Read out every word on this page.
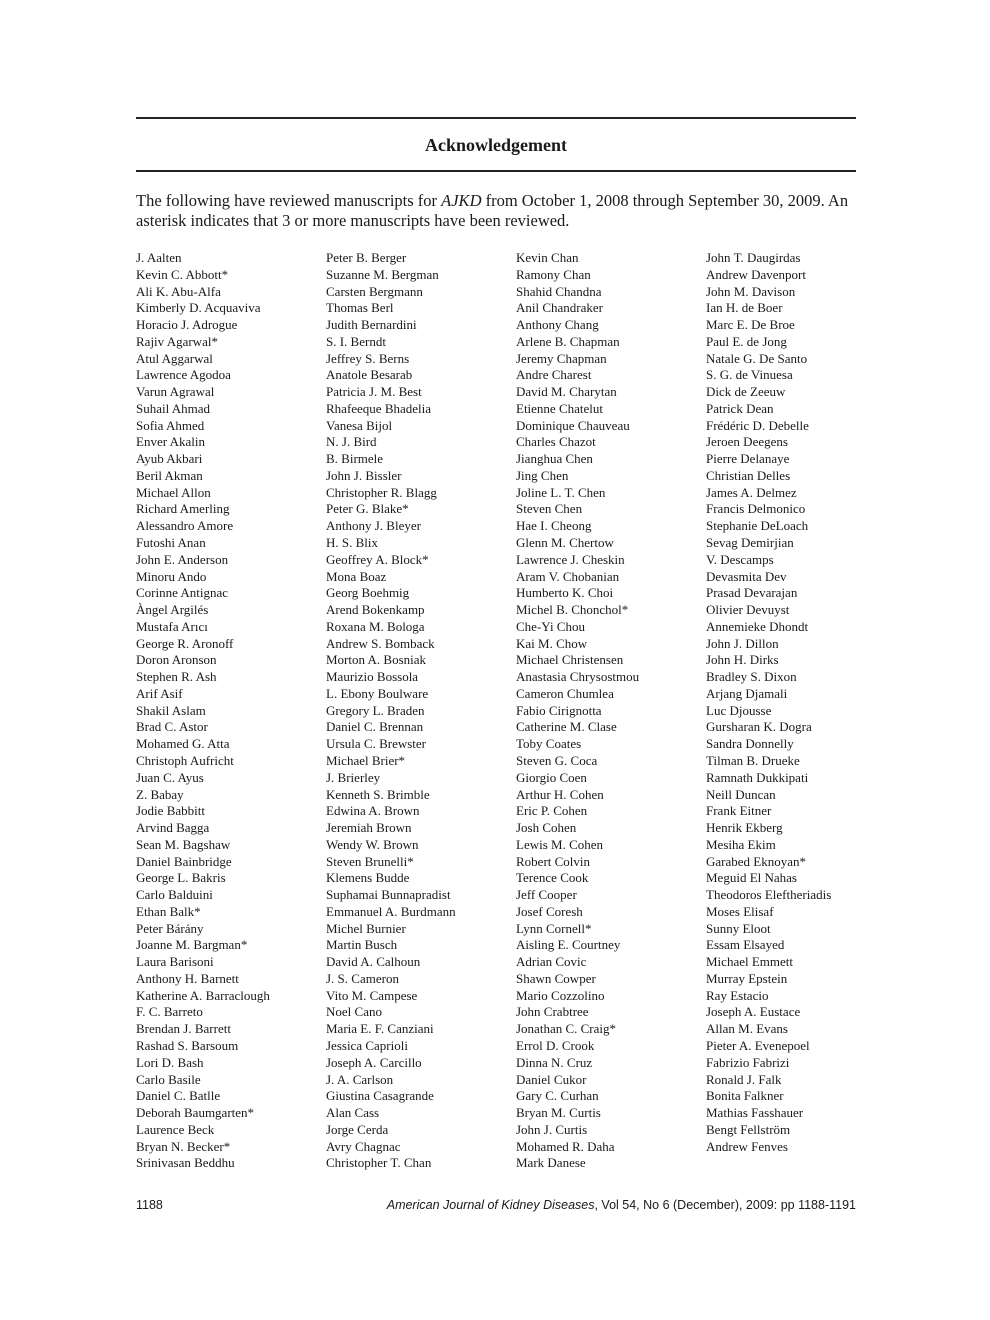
Acknowledgement
The following have reviewed manuscripts for AJKD from October 1, 2008 through September 30, 2009. An asterisk indicates that 3 or more manuscripts have been reviewed.
J. Aalten
Kevin C. Abbott*
Ali K. Abu-Alfa
Kimberly D. Acquaviva
Horacio J. Adrogue
Rajiv Agarwal*
Atul Aggarwal
Lawrence Agodoa
Varun Agrawal
Suhail Ahmad
Sofia Ahmed
Enver Akalin
Ayub Akbari
Beril Akman
Michael Allon
Richard Amerling
Alessandro Amore
Futoshi Anan
John E. Anderson
Minoru Ando
Corinne Antignac
Àngel Argilés
Mustafa Arıcı
George R. Aronoff
Doron Aronson
Stephen R. Ash
Arif Asif
Shakil Aslam
Brad C. Astor
Mohamed G. Atta
Christoph Aufricht
Juan C. Ayus
Z. Babay
Jodie Babbitt
Arvind Bagga
Sean M. Bagshaw
Daniel Bainbridge
George L. Bakris
Carlo Balduini
Ethan Balk*
Peter Bárány
Joanne M. Bargman*
Laura Barisoni
Anthony H. Barnett
Katherine A. Barraclough
F. C. Barreto
Brendan J. Barrett
Rashad S. Barsoum
Lori D. Bash
Carlo Basile
Daniel C. Batlle
Deborah Baumgarten*
Laurence Beck
Bryan N. Becker*
Srinivasan Beddhu
Peter B. Berger
Suzanne M. Bergman
Carsten Bergmann
Thomas Berl
Judith Bernardini
S. I. Berndt
Jeffrey S. Berns
Anatole Besarab
Patricia J. M. Best
Rhafeeque Bhadelia
Vanesa Bijol
N. J. Bird
B. Birmele
John J. Bissler
Christopher R. Blagg
Peter G. Blake*
Anthony J. Bleyer
H. S. Blix
Geoffrey A. Block*
Mona Boaz
Georg Boehmig
Arend Bokenkamp
Roxana M. Bologa
Andrew S. Bomback
Morton A. Bosniak
Maurizio Bossola
L. Ebony Boulware
Gregory L. Braden
Daniel C. Brennan
Ursula C. Brewster
Michael Brier*
J. Brierley
Kenneth S. Brimble
Edwina A. Brown
Jeremiah Brown
Wendy W. Brown
Steven Brunelli*
Klemens Budde
Suphamai Bunnapradist
Emmanuel A. Burdmann
Michel Burnier
Martin Busch
David A. Calhoun
J. S. Cameron
Vito M. Campese
Noel Cano
Maria E. F. Canziani
Jessica Caprioli
Joseph A. Carcillo
J. A. Carlson
Giustina Casagrande
Alan Cass
Jorge Cerda
Avry Chagnac
Christopher T. Chan
Kevin Chan
Ramony Chan
Shahid Chandna
Anil Chandraker
Anthony Chang
Arlene B. Chapman
Jeremy Chapman
Andre Charest
David M. Charytan
Etienne Chatelut
Dominique Chauveau
Charles Chazot
Jianghua Chen
Jing Chen
Joline L. T. Chen
Steven Chen
Hae I. Cheong
Glenn M. Chertow
Lawrence J. Cheskin
Aram V. Chobanian
Humberto K. Choi
Michel B. Chonchol*
Che-Yi Chou
Kai M. Chow
Michael Christensen
Anastasia Chrysostmou
Cameron Chumlea
Fabio Cirignotta
Catherine M. Clase
Toby Coates
Steven G. Coca
Giorgio Coen
Arthur H. Cohen
Eric P. Cohen
Josh Cohen
Lewis M. Cohen
Robert Colvin
Terence Cook
Jeff Cooper
Josef Coresh
Lynn Cornell*
Aisling E. Courtney
Adrian Covic
Shawn Cowper
Mario Cozzolino
John Crabtree
Jonathan C. Craig*
Errol D. Crook
Dinna N. Cruz
Daniel Cukor
Gary C. Curhan
Bryan M. Curtis
John J. Curtis
Mohamed R. Daha
Mark Danese
John T. Daugirdas
Andrew Davenport
John M. Davison
Ian H. de Boer
Marc E. De Broe
Paul E. de Jong
Natale G. De Santo
S. G. de Vinuesa
Dick de Zeeuw
Patrick Dean
Frédéric D. Debelle
Jeroen Deegens
Pierre Delanaye
Christian Delles
James A. Delmez
Francis Delmonico
Stephanie DeLoach
Sevag Demirjian
V. Descamps
Devasmita Dev
Prasad Devarajan
Olivier Devuyst
Annemieke Dhondt
John J. Dillon
John H. Dirks
Bradley S. Dixon
Arjang Djamali
Luc Djousse
Gursharan K. Dogra
Sandra Donnelly
Tilman B. Drueke
Ramnath Dukkipati
Neill Duncan
Frank Eitner
Henrik Ekberg
Mesiha Ekim
Garabed Eknoyan*
Meguid El Nahas
Theodoros Eleftheriadis
Moses Elisaf
Sunny Eloot
Essam Elsayed
Michael Emmett
Murray Epstein
Ray Estacio
Joseph A. Eustace
Allan M. Evans
Pieter A. Evenepoel
Fabrizio Fabrizi
Ronald J. Falk
Bonita Falkner
Mathias Fasshauer
Bengt Fellström
Andrew Fenves
1188	American Journal of Kidney Diseases, Vol 54, No 6 (December), 2009: pp 1188-1191
